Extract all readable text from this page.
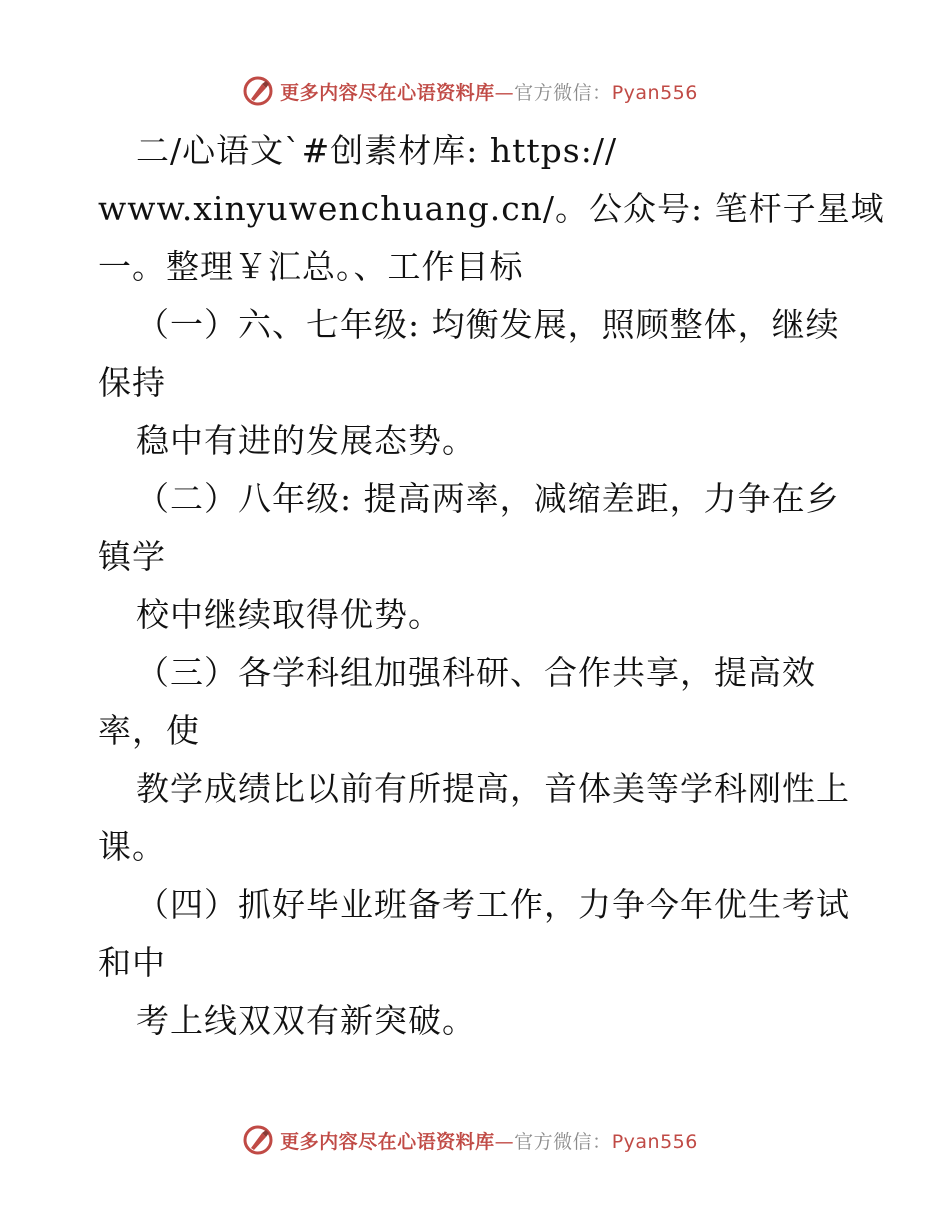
更多内容尽在心语资料库—官方微信：Pyan556
二/心语文`#创素材库: https://
www.xinyuwenchuang.cn/。公众号: 笔杆子星域
一。整理￥汇总。、工作目标
（一）六、七年级: 均衡发展，照顾整体，继续
保持
稳中有进的发展态势。
（二）八年级: 提高两率，减缩差距，力争在乡
镇学
校中继续取得优势。
（三）各学科组加强科研、合作共享，提高效
率，使
教学成绩比以前有所提高，音体美等学科刚性上
课。
（四）抓好毕业班备考工作，力争今年优生考试
和中
考上线双双有新突破。
更多内容尽在心语资料库—官方微信：Pyan556
